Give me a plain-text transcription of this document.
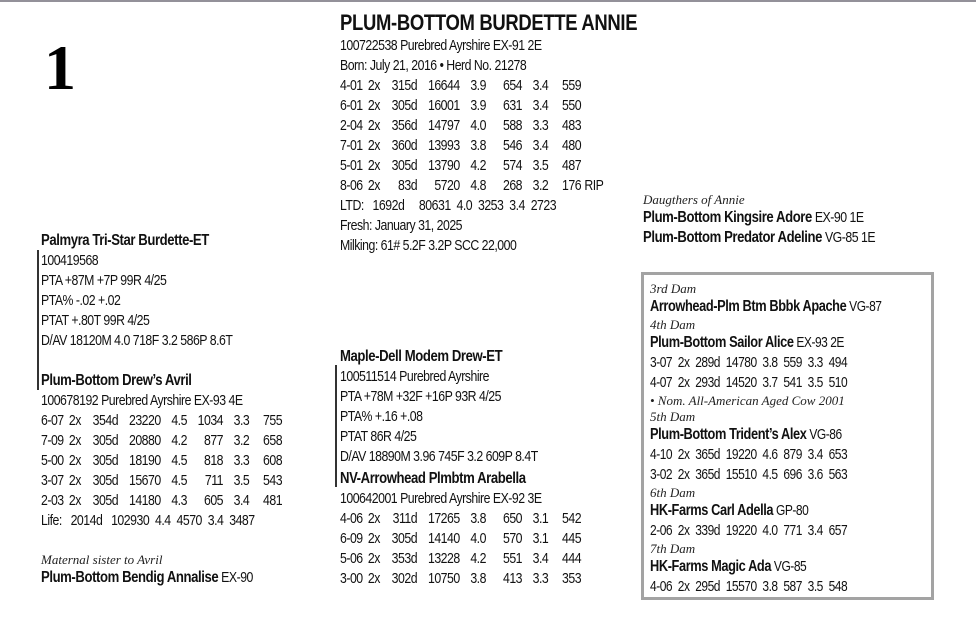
1
PLUM-BOTTOM BURDETTE ANNIE
100722538 Purebred Ayrshire EX-91 2E
Born: July 21, 2016 • Herd No. 21278
4-01 2x 315d 16644 3.9 654 3.4 559
6-01 2x 305d 16001 3.9 631 3.4 550
2-04 2x 356d 14797 4.0 588 3.3 483
7-01 2x 360d 13993 3.8 546 3.4 480
5-01 2x 305d 13790 4.2 574 3.5 487
8-06 2x 83d 5720 4.8 268 3.2 176 RIP
LTD:   1692d     80631  4.0  3253  3.4  2723
Fresh: January 31, 2025
Milking: 61# 5.2F 3.2P SCC 22,000
Palmyra Tri-Star Burdette-ET
100419568
PTA +87M +7P 99R 4/25
PTA% -.02 +.02
PTAT +.80T 99R 4/25
D/AV 18120M 4.0 718F 3.2 586P 8.6T
Plum-Bottom Drew’s Avril
100678192 Purebred Ayrshire EX-93 4E
6-07 2x 354d 23220 4.5 1034 3.3 755
7-09 2x 305d 20880 4.2 877 3.2 658
5-00 2x 305d 18190 4.5 818 3.3 608
3-07 2x 305d 15670 4.5 711 3.5 543
2-03 2x 305d 14180 4.3 605 3.4 481
Life:   2014d   102930  4.4  4570  3.4  3487
Maternal sister to Avril
Plum-Bottom Bendig Annalise EX-90
Maple-Dell Modem Drew-ET
100511514 Purebred Ayrshire
PTA +78M +32F +16P 93R 4/25
PTA% +.16 +.08
PTAT 86R 4/25
D/AV 18890M 3.96 745F 3.2 609P 8.4T
NV-Arrowhead Plmbtm Arabella
100642001 Purebred Ayrshire EX-92 3E
4-06 2x 311d 17265 3.8 650 3.1 542
6-09 2x 305d 14140 4.0 570 3.1 445
5-06 2x 353d 13228 4.2 551 3.4 444
3-00 2x 302d 10750 3.8 413 3.3 353
Daugthers of Annie
Plum-Bottom Kingsire Adore EX-90 1E
Plum-Bottom Predator Adeline VG-85 1E
3rd Dam
Arrowhead-Plm Btm Bbbk Apache VG-87
4th Dam
Plum-Bottom Sailor Alice EX-93 2E
3-07  2x  289d  14780  3.8  559  3.3  494
4-07  2x  293d  14520  3.7  541  3.5  510
• Nom. All-American Aged Cow 2001
5th Dam
Plum-Bottom Trident’s Alex VG-86
4-10  2x  365d  19220  4.6  879  3.4  653
3-02  2x  365d  15510  4.5  696  3.6  563
6th Dam
HK-Farms Carl Adella GP-80
2-06  2x  339d  19220  4.0  771  3.4  657
7th Dam
HK-Farms Magic Ada VG-85
4-06  2x  295d  15570  3.8  587  3.5  548
